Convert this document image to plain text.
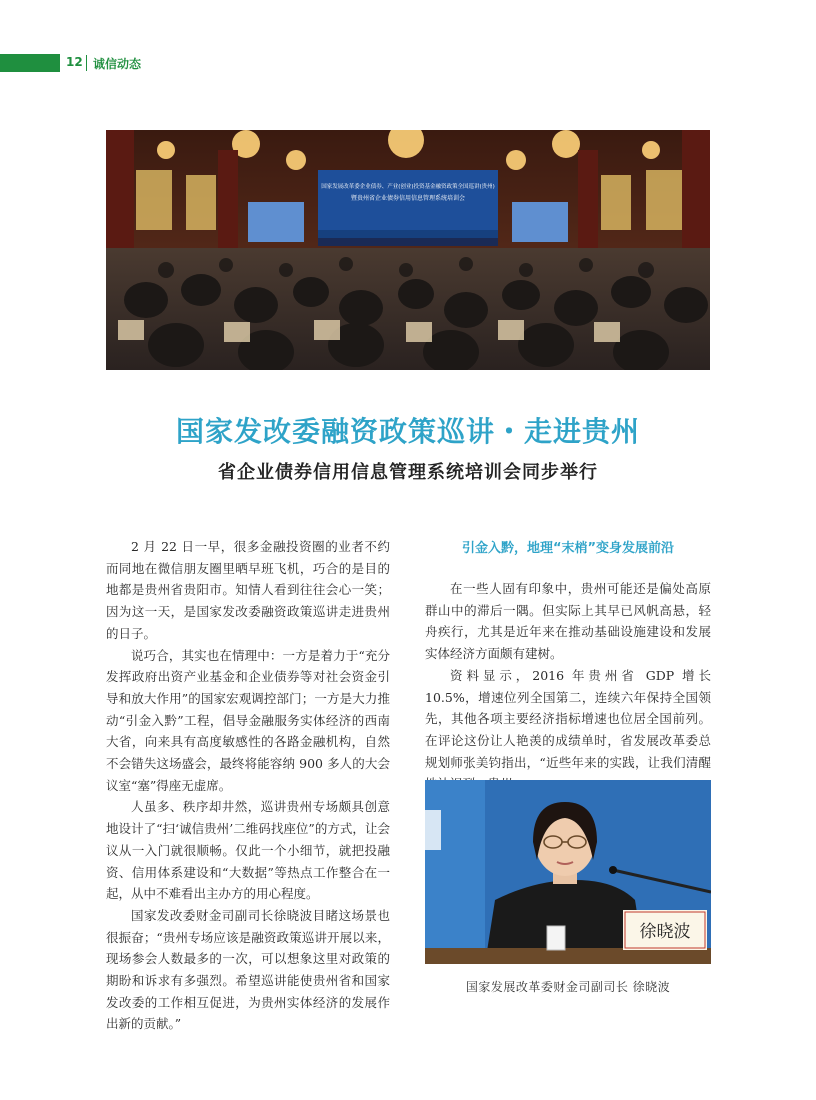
12 诚信动态
国家发展改革委企业债券、产业(创业)投资基金融资政策全国巡讲(贵州)
暨贵州省企业债券信用信息管理系统培训会
国家发改委融资政策巡讲・走进贵州
省企业债券信用信息管理系统培训会同步举行

2 月 22 日一早，很多金融投资圈的业者不约而同地在微信朋友圈里晒早班飞机，巧合的是目的地都是贵州省贵阳市。知情人看到往往会心一笑；因为这一天，是国家发改委融资政策巡讲走进贵州的日子。

说巧合，其实也在情理中：一方是着力于“充分发挥政府出资产业基金和企业债券等对社会资金引导和放大作用”的国家宏观调控部门；一方是大力推动“引金入黔”工程，倡导金融服务实体经济的西南大省，向来具有高度敏感性的各路金融机构，自然不会错失这场盛会，最终将能容纳 900 多人的大会议室“塞”得座无虚席。

人虽多、秩序却井然，巡讲贵州专场颇具创意地设计了“扫‘诚信贵州’二维码找座位”的方式，让会议从一入门就很顺畅。仅此一个小细节，就把投融资、信用体系建设和“大数据”等热点工作整合在一起，从中不难看出主办方的用心程度。

国家发改委财金司副司长徐晓波目睹这场景也很振奋；“贵州专场应该是融资政策巡讲开展以来，现场参会人数最多的一次，可以想象这里对政策的期盼和诉求有多强烈。希望巡讲能使贵州省和国家发改委的工作相互促进，为贵州实体经济的发展作出新的贡献。”

引金入黔，地理“末梢”变身发展前沿

在一些人固有印象中，贵州可能还是偏处高原群山中的滞后一隅。但实际上其早已风帆高悬，轻舟疾行，尤其是近年来在推动基础设施建设和发展实体经济方面颇有建树。

资料显示，2016 年贵州省 GDP 增长 10.5%，增速位列全国第二，连续六年保持全国领先，其他各项主要经济指标增速也位居全国前列。在评论这份让人艳羡的成绩单时，省发展改革委总规划师张美钧指出，“近些年来的实践，让我们清醒

徐晓波
国家发展改革委财金司副司长 徐晓波
